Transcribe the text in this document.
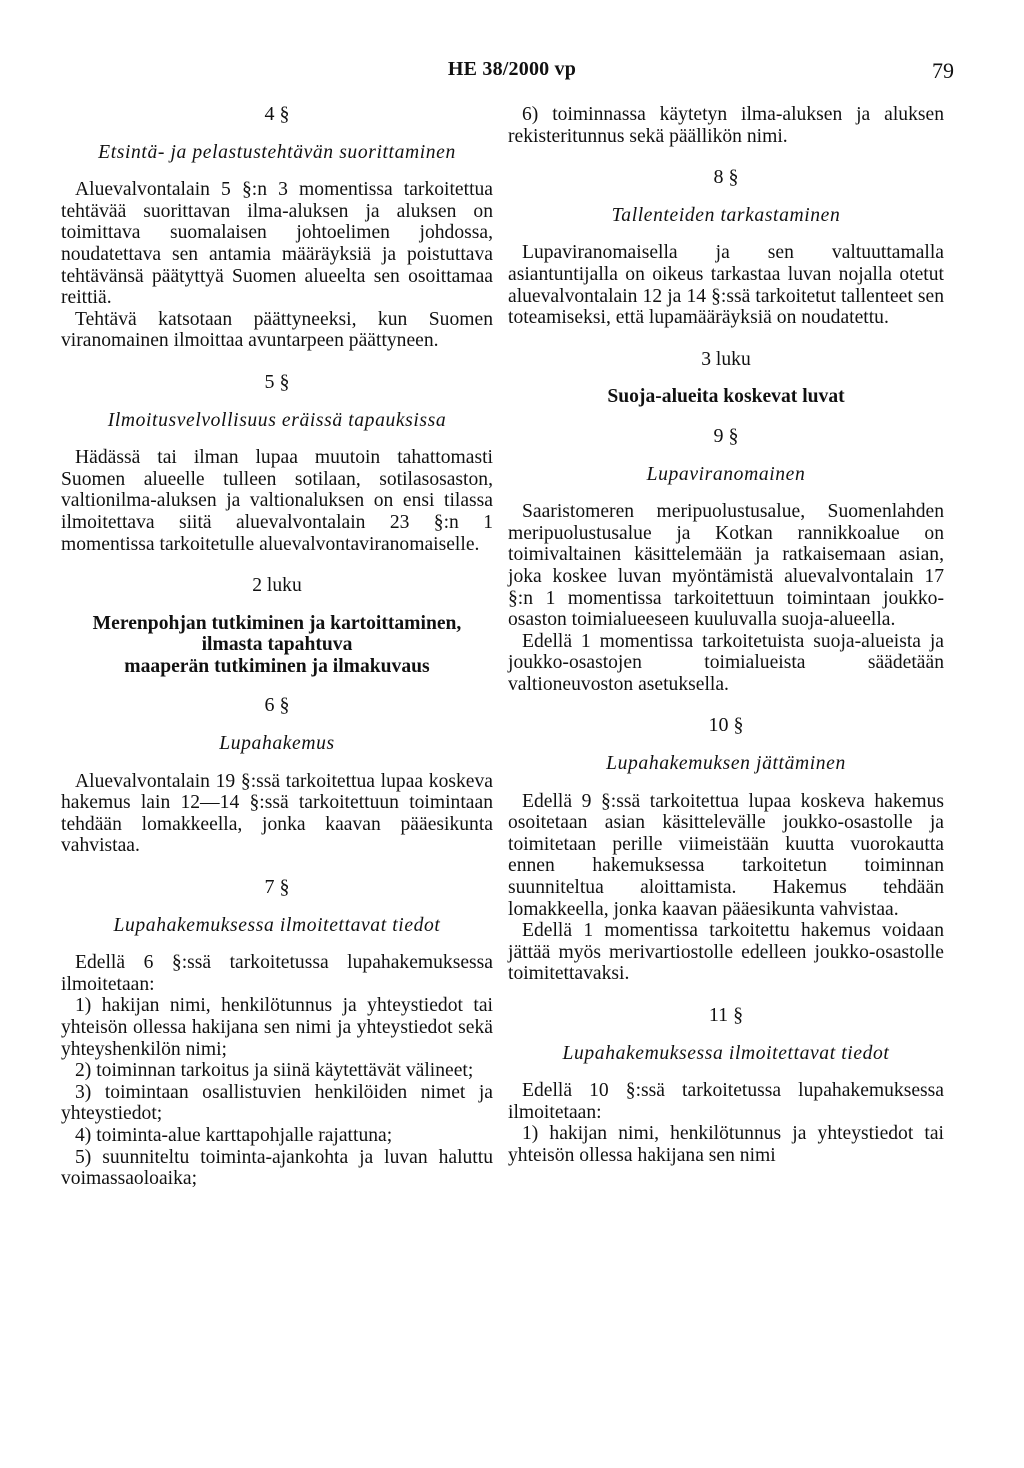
HE 38/2000 vp	79
4 §
Etsintä- ja pelastustehtävän suorittaminen

Aluevalvontalain 5 §:n 3 momentissa tarkoitettua tehtävää suorittavan ilma-aluksen ja aluksen on toimittava suomalaisen johtoelimen johdossa, noudatettava sen antamia määräyksiä ja poistuttava tehtävänsä päätyttyä Suomen alueelta sen osoittamaa reittiä.

Tehtävä katsotaan päättyneeksi, kun Suomen viranomainen ilmoittaa avuntarpeen päättyneen.

5 §
Ilmoitusvelvollisuus eräissä tapauksissa

Hädässä tai ilman lupaa muutoin tahattomasti Suomen alueelle tulleen sotilaan, sotilasosaston, valtionilma-aluksen ja valtionaluksen on ensi tilassa ilmoitettava siitä aluevalvontalain 23 §:n 1 momentissa tarkoitetulle aluevalvontaviranomaiselle.

2 luku
Merenpohjan tutkiminen ja kartoittaminen,
ilmasta tapahtuva
maaperän tutkiminen ja ilmakuvaus
6 §
Lupahakemus

Aluevalvontalain 19 §:ssä tarkoitettua lupaa koskeva hakemus lain 12—14 §:ssä tarkoitettuun toimintaan tehdään lomakkeella, jonka kaavan pääesikunta vahvistaa.

7 §
Lupahakemuksessa ilmoitettavat tiedot

Edellä 6 §:ssä tarkoitetussa lupahakemuksessa ilmoitetaan:

1) hakijan nimi, henkilötunnus ja yhteystiedot tai yhteisön ollessa hakijana sen nimi ja yhteystiedot sekä yhteyshenkilön nimi;
2) toiminnan tarkoitus ja siinä käytettävät välineet;
3) toimintaan osallistuvien henkilöiden nimet ja yhteystiedot;
4) toiminta-alue karttapohjalle rajattuna;
5) suunniteltu toiminta-ajankohta ja luvan haluttu voimassaoloaika;
6) toiminnassa käytetyn ilma-aluksen ja aluksen rekisteritunnus sekä päällikön nimi.
8 §
Tallenteiden tarkastaminen

Lupaviranomaisella ja sen valtuuttamalla asiantuntijalla on oikeus tarkastaa luvan nojalla otetut aluevalvontalain 12 ja 14 §:ssä tarkoitetut tallenteet sen toteamiseksi, että lupamääräyksiä on noudatettu.

3 luku
Suoja-alueita koskevat luvat
9 §
Lupaviranomainen

Saaristomeren meripuolustusalue, Suomenlahden meripuolustusalue ja Kotkan rannikkoalue on toimivaltainen käsittelemään ja ratkaisemaan asian, joka koskee luvan myöntämistä aluevalvontalain 17 §:n 1 momentissa tarkoitettuun toimintaan joukko-osaston toimialueeseen kuuluvalla suoja-alueella.

Edellä 1 momentissa tarkoitetuista suoja-alueista ja joukko-osastojen toimialueista säädetään valtioneuvoston asetuksella.

10 §
Lupahakemuksen jättäminen

Edellä 9 §:ssä tarkoitettua lupaa koskeva hakemus osoitetaan asian käsittelevälle joukko-osastolle ja toimitetaan perille viimeistään kuutta vuorokautta ennen hakemuksessa tarkoitetun toiminnan suunniteltua aloittamista. Hakemus tehdään lomakkeella, jonka kaavan pääesikunta vahvistaa.

Edellä 1 momentissa tarkoitettu hakemus voidaan jättää myös merivartiostolle edelleen joukko-osastolle toimitettavaksi.

11 §
Lupahakemuksessa ilmoitettavat tiedot

Edellä 10 §:ssä tarkoitetussa lupahakemuksessa ilmoitetaan:

1) hakijan nimi, henkilötunnus ja yhteystiedot tai yhteisön ollessa hakijana sen nimi
